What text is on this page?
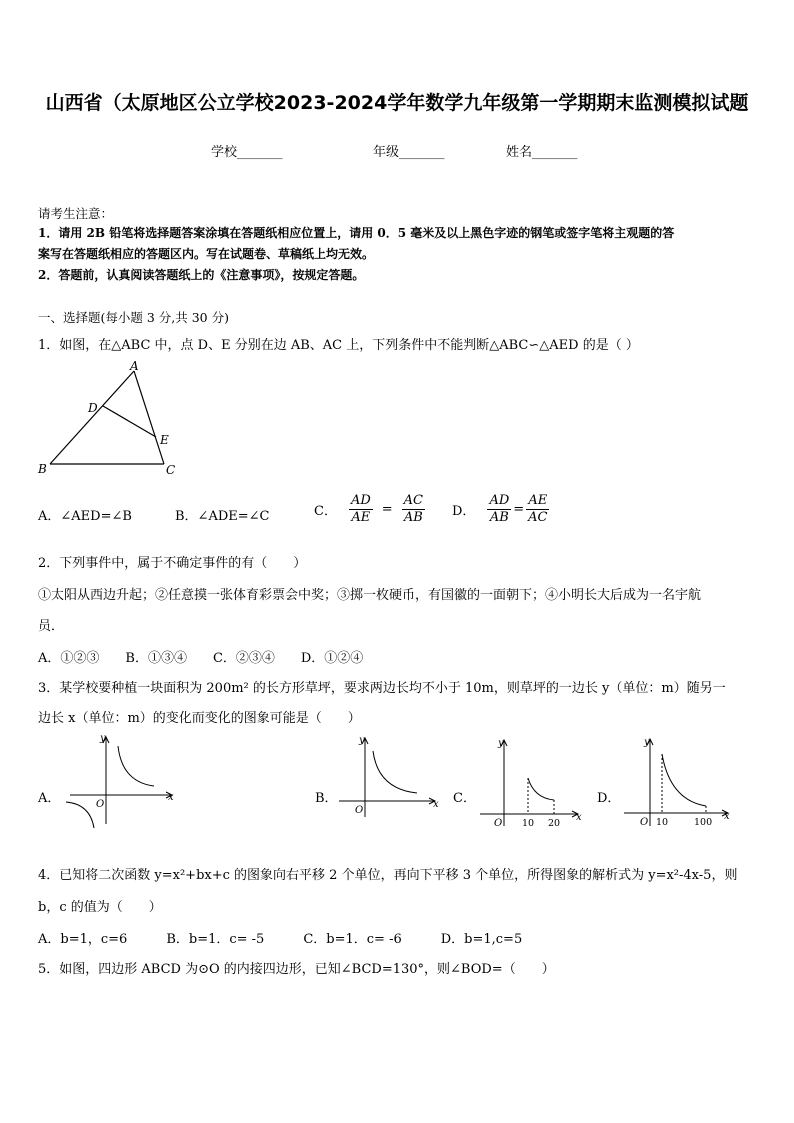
山西省（太原地区公立学校2023-2024学年数学九年级第一学期期末监测模拟试题
学校_______	年级_______	姓名_______
请考生注意：
1．请用 2B 铅笔将选择题答案涂填在答题纸相应位置上，请用 0．5 毫米及以上黑色字迹的钢笔或签字笔将主观题的答
案写在答题纸相应的答题区内。写在试题卷、草稿纸上均无效。
2．答题前，认真阅读答题纸上的《注意事项》，按规定答题。
一、选择题(每小题 3 分,共 30 分)
1．如图，在△ABC 中，点 D、E 分别在边 AB、AC 上，下列条件中不能判断△ABC∽△AED 的是（ ）
A
D
E
B	C
A．∠AED=∠B	B．∠ADE=∠C	C． $\frac{AD}{AE} = \frac{AC}{AB}$ D． $\frac{AD}{AB} = \frac{AE}{AC}$
2．下列事件中，属于不确定事件的有（　　）
①太阳从西边升起；②任意摸一张体育彩票会中奖；③掷一枚硬币，有国徽的一面朝下；④小明长大后成为一名宇航
员．
A．①②③　　B．①③④　　C．②③④　　D．①②④
3．某学校要种植一块面积为 200m² 的长方形草坪，要求两边长均不小于 10m，则草坪的一边长 y（单位：m）随另一
边长 x（单位：m）的变化而变化的图象可能是（　　）
A．
y
x
O	B．
y
x
O
C．
y
x
O 10 20
D．
y
x
O 10	100
4．已知将二次函数 y=x²+bx+c 的图象向右平移 2 个单位，再向下平移 3 个单位，所得图象的解析式为 y=x²-4x-5，则
b，c 的值为（　　）
A．b=1，c=6　　　B．b=1．c= -5　　　C．b=1．c= -6　　　D．b=1,c=5
5．如图，四边形 ABCD 为⊙O 的内接四边形，已知∠BCD=130°，则∠BOD=（　　）
